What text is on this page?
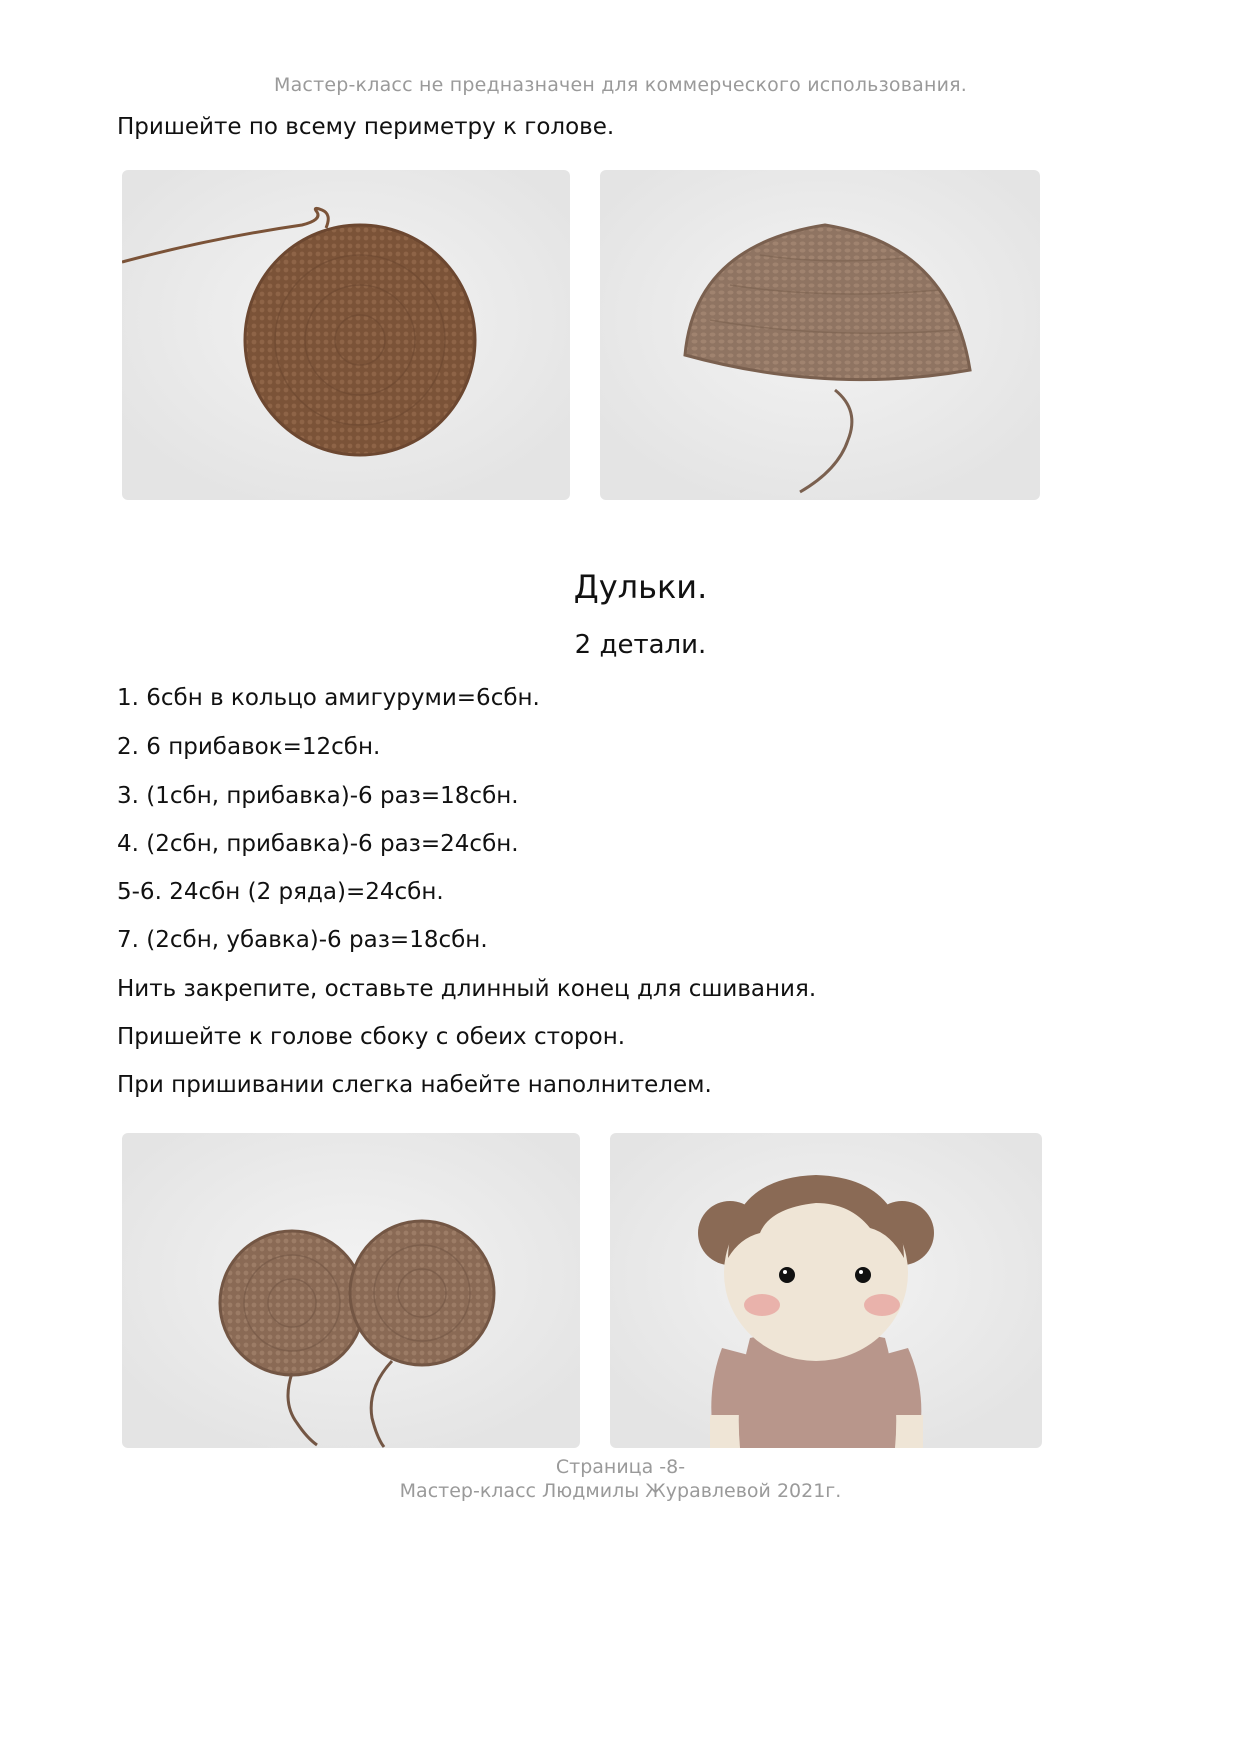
Мастер-класс не предназначен для коммерческого использования.
Пришейте по всему периметру к голове.
Дульки.
2 детали.
1. 6сбн в кольцо амигуруми=6сбн.
2. 6 прибавок=12сбн.
3. (1сбн, прибавка)-6 раз=18сбн.
4. (2сбн, прибавка)-6 раз=24сбн.
5-6. 24сбн (2 ряда)=24сбн.
7. (2сбн, убавка)-6 раз=18сбн.
Нить закрепите, оставьте длинный конец для сшивания.
Пришейте к голове сбоку с обеих сторон.
При пришивании слегка набейте наполнителем.
Страница -8-
Мастер-класс Людмилы Журавлевой 2021г.
